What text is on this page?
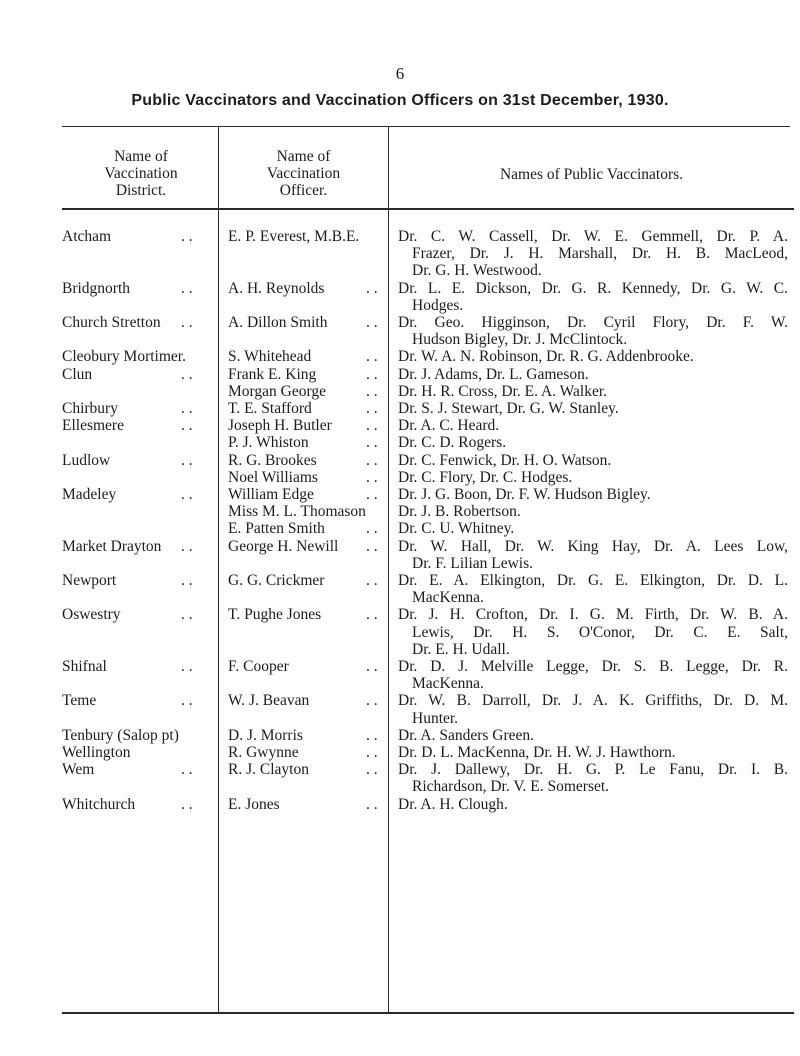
6
Public Vaccinators and Vaccination Officers on 31st December, 1930.
Name of
Vaccination
District.
Name of
Vaccination
Officer.
Names of Public Vaccinators.
Atcham	. . E. P. Everest, M.B.E. Dr. C. W. Cassell, Dr. W. E. Gemmell, Dr. P. A.
Frazer, Dr. J. H. Marshall, Dr. H. B. MacLeod,
Dr. G. H. Westwood.
Bridgnorth	. . A. H. Reynolds	. . Dr. L. E. Dickson, Dr. G. R. Kennedy, Dr. G. W. C.
Hodges.
Church Stretton . . A. Dillon Smith . . Dr. Geo. Higginson, Dr. Cyril Flory, Dr. F. W.
Hudson Bigley, Dr. J. McClintock.
Cleobury Mortimer.	S. Whitehead	. . Dr. W. A. N. Robinson, Dr. R. G. Addenbrooke.
Clun	. . Frank E. King	. . Dr. J. Adams, Dr. L. Gameson.
Morgan George	. . Dr. H. R. Cross, Dr. E. A. Walker.
Chirbury	. . T. E. Stafford	. . Dr. S. J. Stewart, Dr. G. W. Stanley.
Ellesmere	. . Joseph H. Butler . . Dr. A. C. Heard.
P. J. Whiston	. . Dr. C. D. Rogers.
Ludlow	. . R. G. Brookes	. . Dr. C. Fenwick, Dr. H. O. Watson.
Noel Williams	. . Dr. C. Flory, Dr. C. Hodges.
Madeley	. . William Edge	. . Dr. J. G. Boon, Dr. F. W. Hudson Bigley.
Miss M. L. Thomason Dr. J. B. Robertson.
E. Patten Smith	. . Dr. C. U. Whitney.
Market Drayton . . George H. Newill . . Dr. W. Hall, Dr. W. King Hay, Dr. A. Lees Low,
Dr. F. Lilian Lewis.
Newport	. . G. G. Crickmer	. . Dr. E. A. Elkington, Dr. G. E. Elkington, Dr. D. L.
MacKenna.
Oswestry	. . T. Pughe Jones	. . Dr. J. H. Crofton, Dr. I. G. M. Firth, Dr. W. B. A.
Lewis, Dr. H. S. O'Conor, Dr. C. E. Salt,
Dr. E. H. Udall.
Shifnal	. . F. Cooper	. . Dr. D. J. Melville Legge, Dr. S. B. Legge, Dr. R.
MacKenna.
Teme	. . W. J. Beavan	. . Dr. W. B. Darroll, Dr. J. A. K. Griffiths, Dr. D. M.
Hunter.
Tenbury (Salop pt)	D. J. Morris	. . Dr. A. Sanders Green.
Wellington	R. Gwynne	. . Dr. D. L. MacKenna, Dr. H. W. J. Hawthorn.
Wem	. . R. J. Clayton	. . Dr. J. Dallewy, Dr. H. G. P. Le Fanu, Dr. I. B.
Richardson, Dr. V. E. Somerset.
Whitchurch	. . E. Jones	. . Dr. A. H. Clough.
